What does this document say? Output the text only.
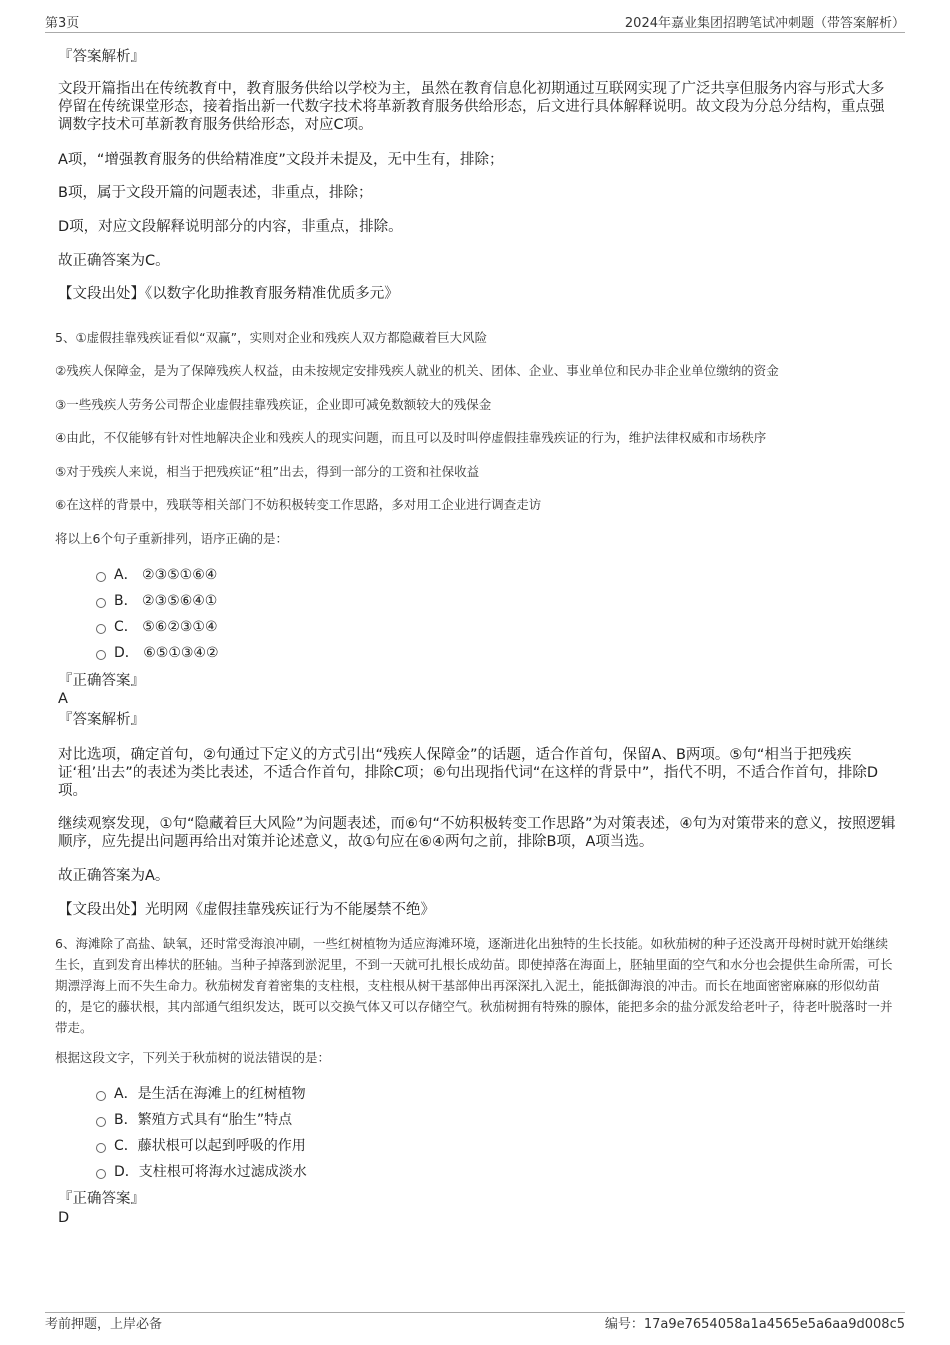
第3页	2024年嘉业集团招聘笔试冲刺题（带答案解析）
『答案解析』
文段开篇指出在传统教育中，教育服务供给以学校为主，虽然在教育信息化初期通过互联网实现了广泛共享但服务内容与形式大多停留在传统课堂形态，接着指出新一代数字技术将革新教育服务供给形态，后文进行具体解释说明。故文段为分总分结构，重点强调数字技术可革新教育服务供给形态，对应C项。
A项，“增强教育服务的供给精准度”文段并未提及，无中生有，排除；
B项，属于文段开篇的问题表述，非重点，排除；
D项，对应文段解释说明部分的内容，非重点，排除。
故正确答案为C。
【文段出处】《以数字化助推教育服务精准优质多元》
5、①虚假挂靠残疾证看似“双赢”，实则对企业和残疾人双方都隐藏着巨大风险
②残疾人保障金，是为了保障残疾人权益，由未按规定安排残疾人就业的机关、团体、企业、事业单位和民办非企业单位缴纳的资金
③一些残疾人劳务公司帮企业虚假挂靠残疾证，企业即可减免数额较大的残保金
④由此，不仅能够有针对性地解决企业和残疾人的现实问题，而且可以及时叫停虚假挂靠残疾证的行为，维护法律权威和市场秩序
⑤对于残疾人来说，相当于把残疾证“租”出去，得到一部分的工资和社保收益
⑥在这样的背景中，残联等相关部门不妨积极转变工作思路，多对用工企业进行调查走访
将以上6个句子重新排列，语序正确的是：
A． ②③⑤①⑥④
B． ②③⑤⑥④①
C． ⑤⑥②③①④
D． ⑥⑤①③④②
『正确答案』
A
『答案解析』
对比选项，确定首句，②句通过下定义的方式引出“残疾人保障金”的话题，适合作首句，保留A、B两项。⑤句“相当于把残疾证‘租’出去”的表述为类比表述，不适合作首句，排除C项；⑥句出现指代词“在这样的背景中”，指代不明，不适合作首句，排除D项。
继续观察发现，①句“隐藏着巨大风险”为问题表述，而⑥句“不妨积极转变工作思路”为对策表述，④句为对策带来的意义，按照逻辑顺序，应先提出问题再给出对策并论述意义，故①句应在⑥④两句之前，排除B项，A项当选。
故正确答案为A。
【文段出处】光明网《虚假挂靠残疾证行为不能屡禁不绝》
6、海滩除了高盐、缺氧，还时常受海浪冲刷，一些红树植物为适应海滩环境，逐渐进化出独特的生长技能。如秋茄树的种子还没离开母树时就开始继续生长，直到发育出棒状的胚轴。当种子掉落到淤泥里，不到一天就可扎根长成幼苗。即使掉落在海面上，胚轴里面的空气和水分也会提供生命所需，可长期漂浮海上而不失生命力。秋茄树发育着密集的支柱根，支柱根从树干基部伸出再深深扎入泥土，能抵御海浪的冲击。而长在地面密密麻麻的形似幼苗的，是它的藤状根，其内部通气组织发达，既可以交换气体又可以存储空气。秋茄树拥有特殊的腺体，能把多余的盐分派发给老叶子，待老叶脱落时一并带走。
根据这段文字，下列关于秋茄树的说法错误的是：
A．是生活在海滩上的红树植物
B．繁殖方式具有“胎生”特点
C．藤状根可以起到呼吸的作用
D．支柱根可将海水过滤成淡水
『正确答案』
D
考前押题，上岸必备	编号：17a9e7654058a1a4565e5a6aa9d008c5
